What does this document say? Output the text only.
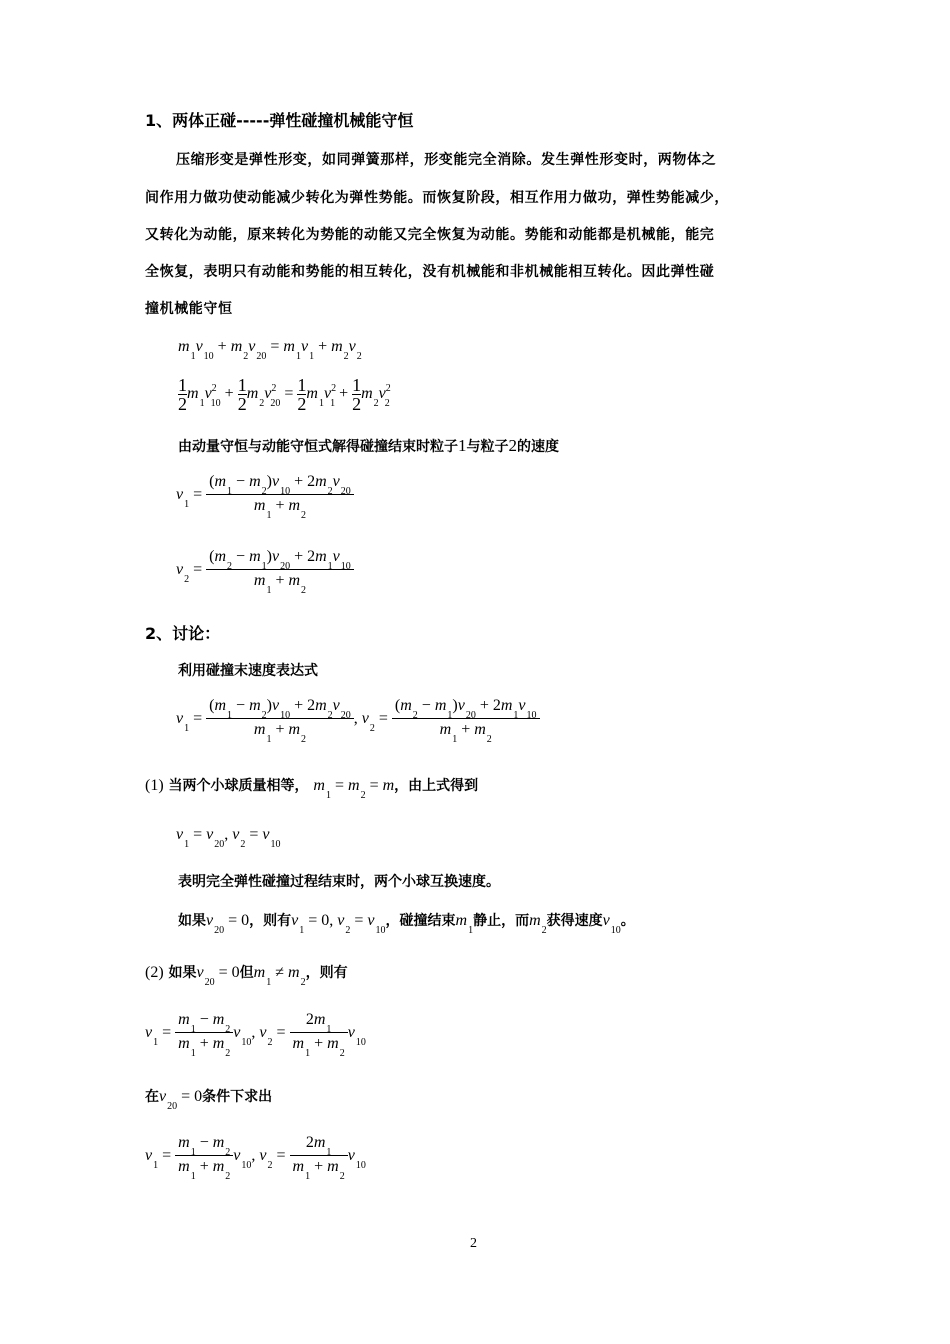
1、两体正碰-----弹性碰撞机械能守恒
压缩形变是弹性形变，如同弹簧那样，形变能完全消除。发生弹性形变时，两物体之
间作用力做功使动能减少转化为弹性势能。而恢复阶段，相互作用力做功，弹性势能减少，
又转化为动能，原来转化为势能的动能又完全恢复为动能。势能和动能都是机械能，能完
全恢复，表明只有动能和势能的相互转化，没有机械能和非机械能相互转化。因此弹性碰
撞机械能守恒
$m_1v_{10} + m_2v_{20} = m_1v_1 + m_2v_2$
$\frac{1}{2} m_1v^2_{10} + \frac{1}{2} m_2v^2_{20} = \frac{1}{2} m_1v^2_1 + \frac{1}{2} m_2v^2_2$
由动量守恒与动能守恒式解得碰撞结束时粒子1与粒子2的速度
$v_1 = \frac{(m_1 - m_2)v_{10} + 2m_2v_{20}}{m_1 + m_2}$
$v_2 = \frac{(m_2 - m_1)v_{20} + 2m_1v_{10}}{m_1 + m_2}$
2、讨论：
利用碰撞末速度表达式
$v_1 = \frac{(m_1 - m_2)v_{10} + 2m_2v_{20}}{m_1 + m_2}$ , $v_2 = \frac{(m_2 - m_1)v_{20} + 2m_1v_{10}}{m_1 + m_2}$
(1) 当两个小球质量相等， $m_1 = m_2 = m$，由上式得到
$v_1 = v_{20}$, $v_2 = v_{10}$
表明完全弹性碰撞过程结束时，两个小球互换速度。
如果$v_{20} = 0$，则有$v_1 = 0$, $v_2 = v_{10}$，碰撞结束$m_1$静止，而$m_2$获得速度$v_{10}$。
(2) 如果$v_{20} = 0$但$m_1 \ne m_2$，则有
$v_1 = \frac{m_1 - m_2}{m_1 + m_2} v_{10}$, $v_2 = \frac{2m_1}{m_1 + m_2} v_{10}$
在$v_{20} = 0$条件下求出
$v_1 = \frac{m_1 - m_2}{m_1 + m_2} v_{10}$, $v_2 = \frac{2m_1}{m_1 + m_2} v_{10}$
2
